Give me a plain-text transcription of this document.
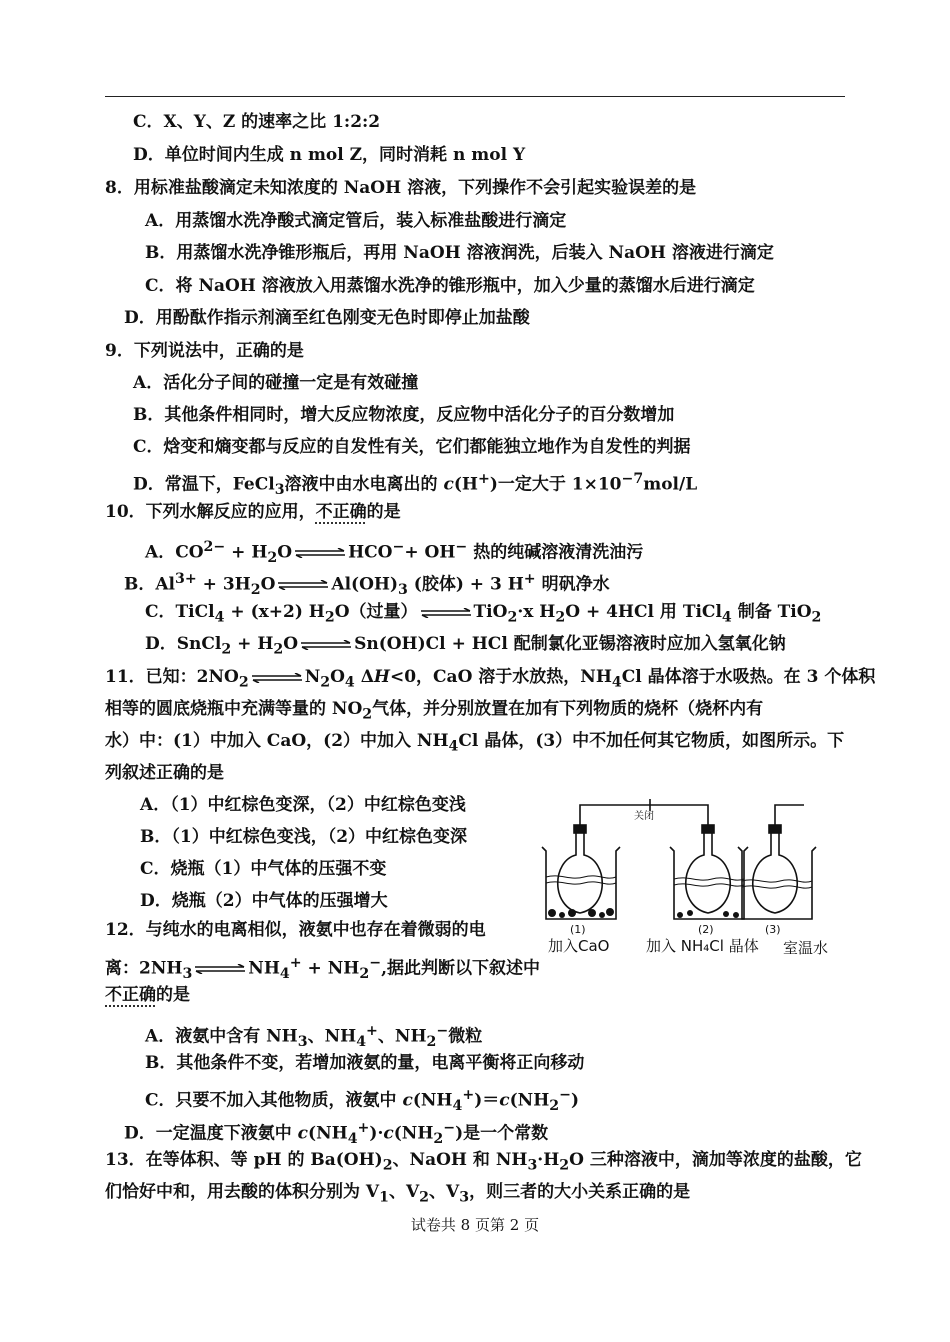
C．X、Y、Z 的速率之比 1:2:2
D．单位时间内生成 n mol Z，同时消耗 n mol Y
8．用标准盐酸滴定未知浓度的 NaOH 溶液，下列操作不会引起实验误差的是
A．用蒸馏水洗净酸式滴定管后，装入标准盐酸进行滴定
B．用蒸馏水洗净锥形瓶后，再用 NaOH 溶液润洗，后装入 NaOH 溶液进行滴定
C．将 NaOH 溶液放入用蒸馏水洗净的锥形瓶中，加入少量的蒸馏水后进行滴定
D．用酚酞作指示剂滴至红色刚变无色时即停止加盐酸
9．下列说法中，正确的是
A．活化分子间的碰撞一定是有效碰撞
B．其他条件相同时，增大反应物浓度，反应物中活化分子的百分数增加
C．焓变和熵变都与反应的自发性有关，它们都能独立地作为自发性的判据
D．常温下，FeCl$_3$溶液中由水电离出的 c(H+)一定大于 $1\times 10^{-7}mol/L$
10．下列水解反应的应用，不正确的是
A．$CO^{2-} + H_2O$ ⇌ HCO−+ OH− 热的纯碱溶液清洗油污
B．$Al^{3+} + 3H_2O$ ⇌ $Al(OH)_3$ (胶体) + 3 H+ 明矾净水
C．TiCl$_4$ + (x+2) $H_2O$（过量） ⇌ TiO$_2$·x $H_2O + 4HCl$ 用 TiCl$_4$ 制备 TiO$_2$
D．SnCl$_2$ + $H_2O$ ⇌ Sn(OH)Cl + HCl 配制氯化亚锡溶液时应加入氢氧化钠
11．已知：$2NO_2$ ⇌ $N_2O_4$ ΔH<0，CaO 溶于水放热，$NH_4Cl$ 晶体溶于水吸热。在 3 个体积
相等的圆底烧瓶中充满等量的 $NO_2$气体，并分别放置在加有下列物质的烧杯（烧杯内有
水）中：(1）中加入 CaO，(2）中加入 $NH_4Cl$ 晶体，(3）中不加任何其它物质，如图所示。下
列叙述正确的是
A．（1）中红棕色变深，（2）中红棕色变浅
B．（1）中红棕色变浅，（2）中红棕色变深
C．烧瓶（1）中气体的压强不变
D．烧瓶（2）中气体的压强增大
关闭
(1)	(2)	(3)
加入CaO 加入 NH₄Cl 晶体 室温水
12．与纯水的电离相似，液氨中也存在着微弱的电
离：$2NH_3$ ⇌ $NH_4^+ + NH_2^-$,据此判断以下叙述中
不正确的是
A．液氨中含有 $NH_3$、$NH_4^+$、$NH_2^-$微粒
B．其他条件不变，若增加液氨的量，电离平衡将正向移动
C．只要不加入其他物质，液氨中 $c(NH_4^+)=c(NH_2^-)$
D．一定温度下液氨中 $c(NH_4^+)\cdot c(NH_2^-)$是一个常数
13．在等体积、等 pH 的 $Ba(OH)_2$、NaOH 和 $NH_3\cdot H_2O$ 三种溶液中，滴加等浓度的盐酸，它
们恰好中和，用去酸的体积分别为 $V_1$、$V_2$、$V_3$，则三者的大小关系正确的是
试卷共 8 页第 2 页
